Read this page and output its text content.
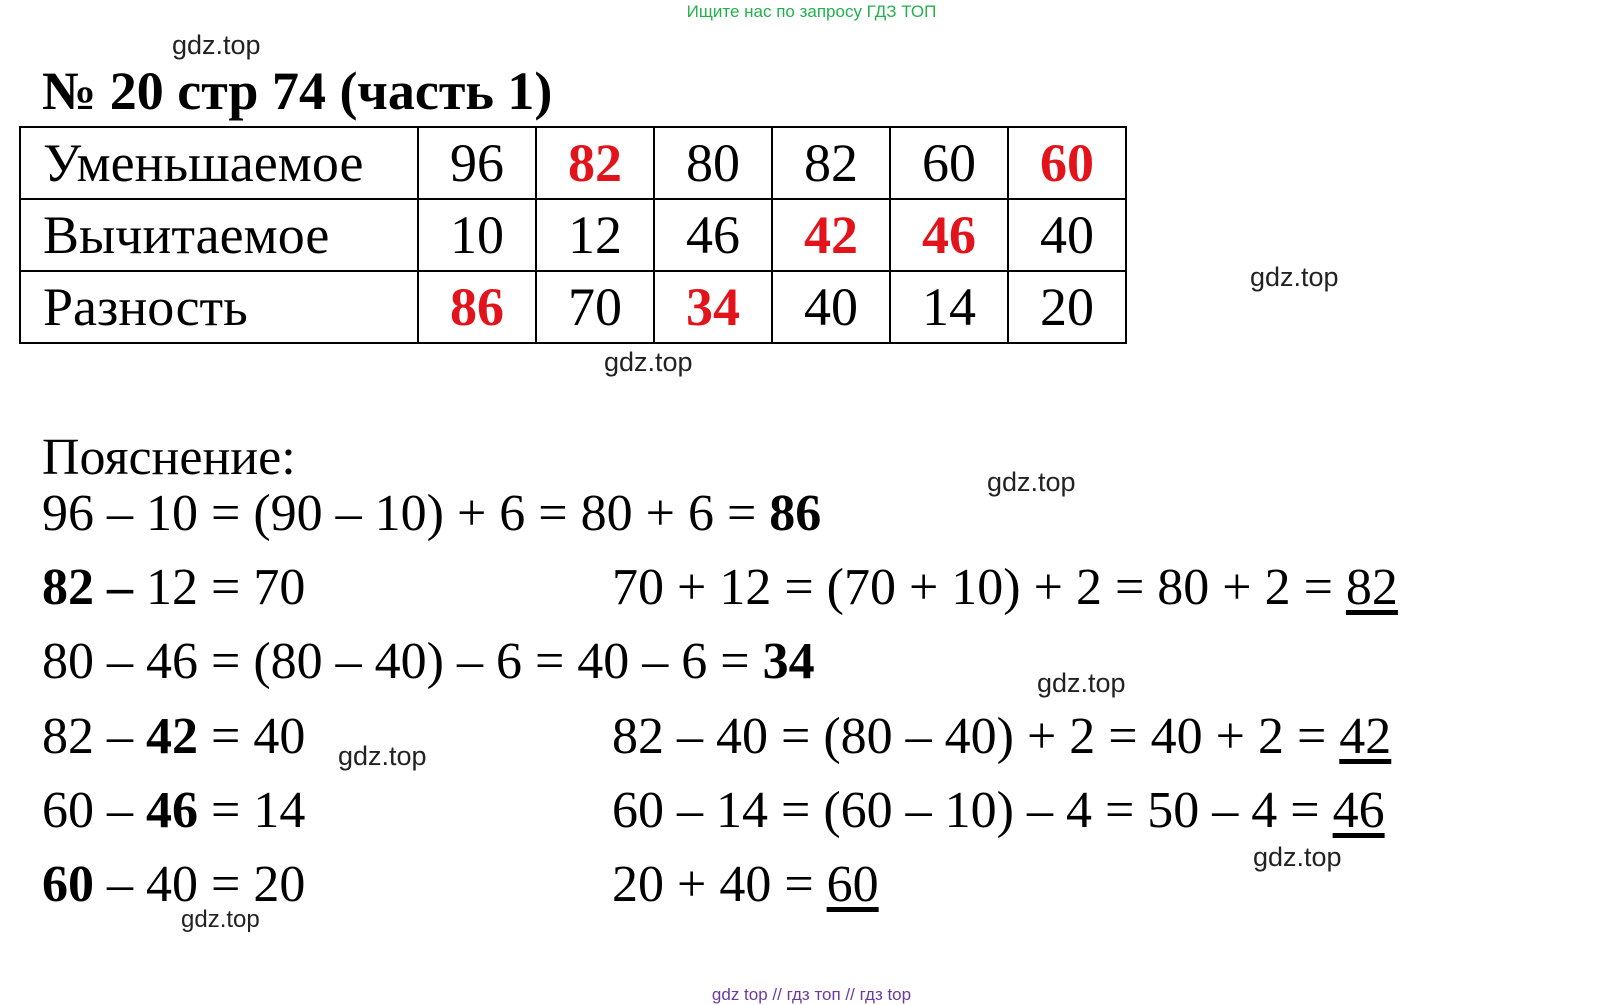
Ищите нас по запросу ГДЗ ТОП
gdz.top
gdz.top
gdz.top
gdz.top
gdz.top
gdz.top
gdz.top
gdz.top
№ 20 стр 74 (часть 1)
Уменьшаемое	96	82	80	82	60	60
Вычитаемое	10	12	46	42	46	40
Разность	86	70	34	40	14	20
Пояснение:
96 – 10 = (90 – 10) + 6 = 80 + 6 = 86
82 – 12 = 70	70 + 12 = (70 + 10) + 2 = 80 + 2 = 82
80 – 46 = (80 – 40) – 6 = 40 – 6 = 34
82 – 42 = 40	82 – 40 = (80 – 40) + 2 = 40 + 2 = 42
60 – 46 = 14	60 – 14 = (60 – 10) – 4 = 50 – 4 = 46
60 – 40 = 20	20 + 40 = 60
gdz top // гдз топ // гдз top
